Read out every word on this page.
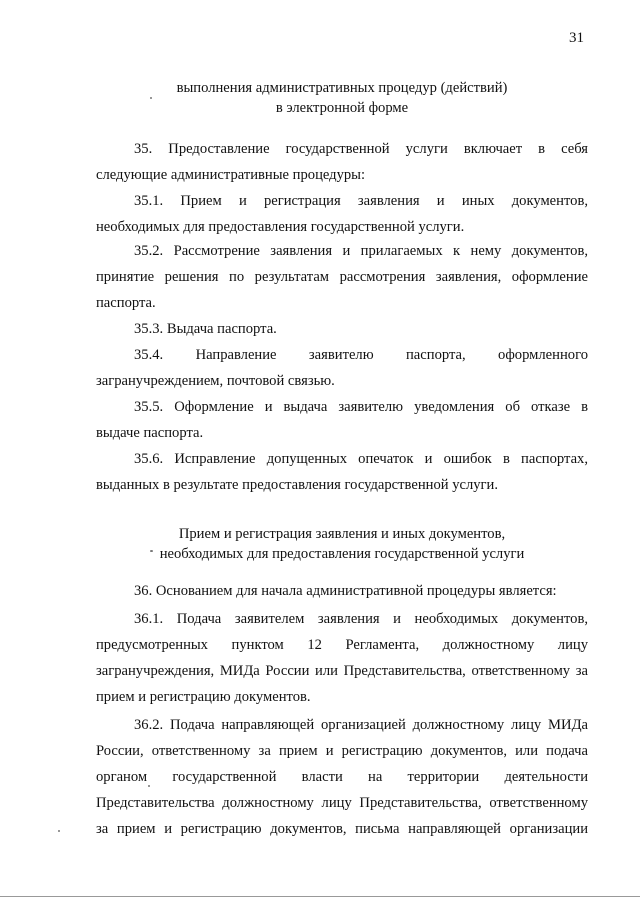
31
выполнения административных процедур (действий)
в электронной форме
35. Предоставление государственной услуги включает в себя
следующие административные процедуры:
35.1. Прием и регистрация заявления и иных документов,
необходимых для предоставления государственной услуги.
35.2. Рассмотрение заявления и прилагаемых к нему документов,
принятие решения по результатам рассмотрения заявления, оформление
паспорта.
35.3. Выдача паспорта.
35.4. Направление заявителю паспорта, оформленного
загранучреждением, почтовой связью.
35.5. Оформление и выдача заявителю уведомления об отказе в
выдаче паспорта.
35.6. Исправление допущенных опечаток и ошибок в паспортах,
выданных в результате предоставления государственной услуги.
Прием и регистрация заявления и иных документов,
необходимых для предоставления государственной услуги
36. Основанием для начала административной процедуры является:
36.1. Подача заявителем заявления и необходимых документов,
предусмотренных пунктом 12 Регламента, должностному лицу
загранучреждения, МИДа России или Представительства, ответственному за
прием и регистрацию документов.
36.2. Подача направляющей организацией должностному лицу МИДа
России, ответственному за прием и регистрацию документов, или подача
органом государственной власти на территории деятельности
Представительства должностному лицу Представительства, ответственному
за прием и регистрацию документов, письма направляющей организации
